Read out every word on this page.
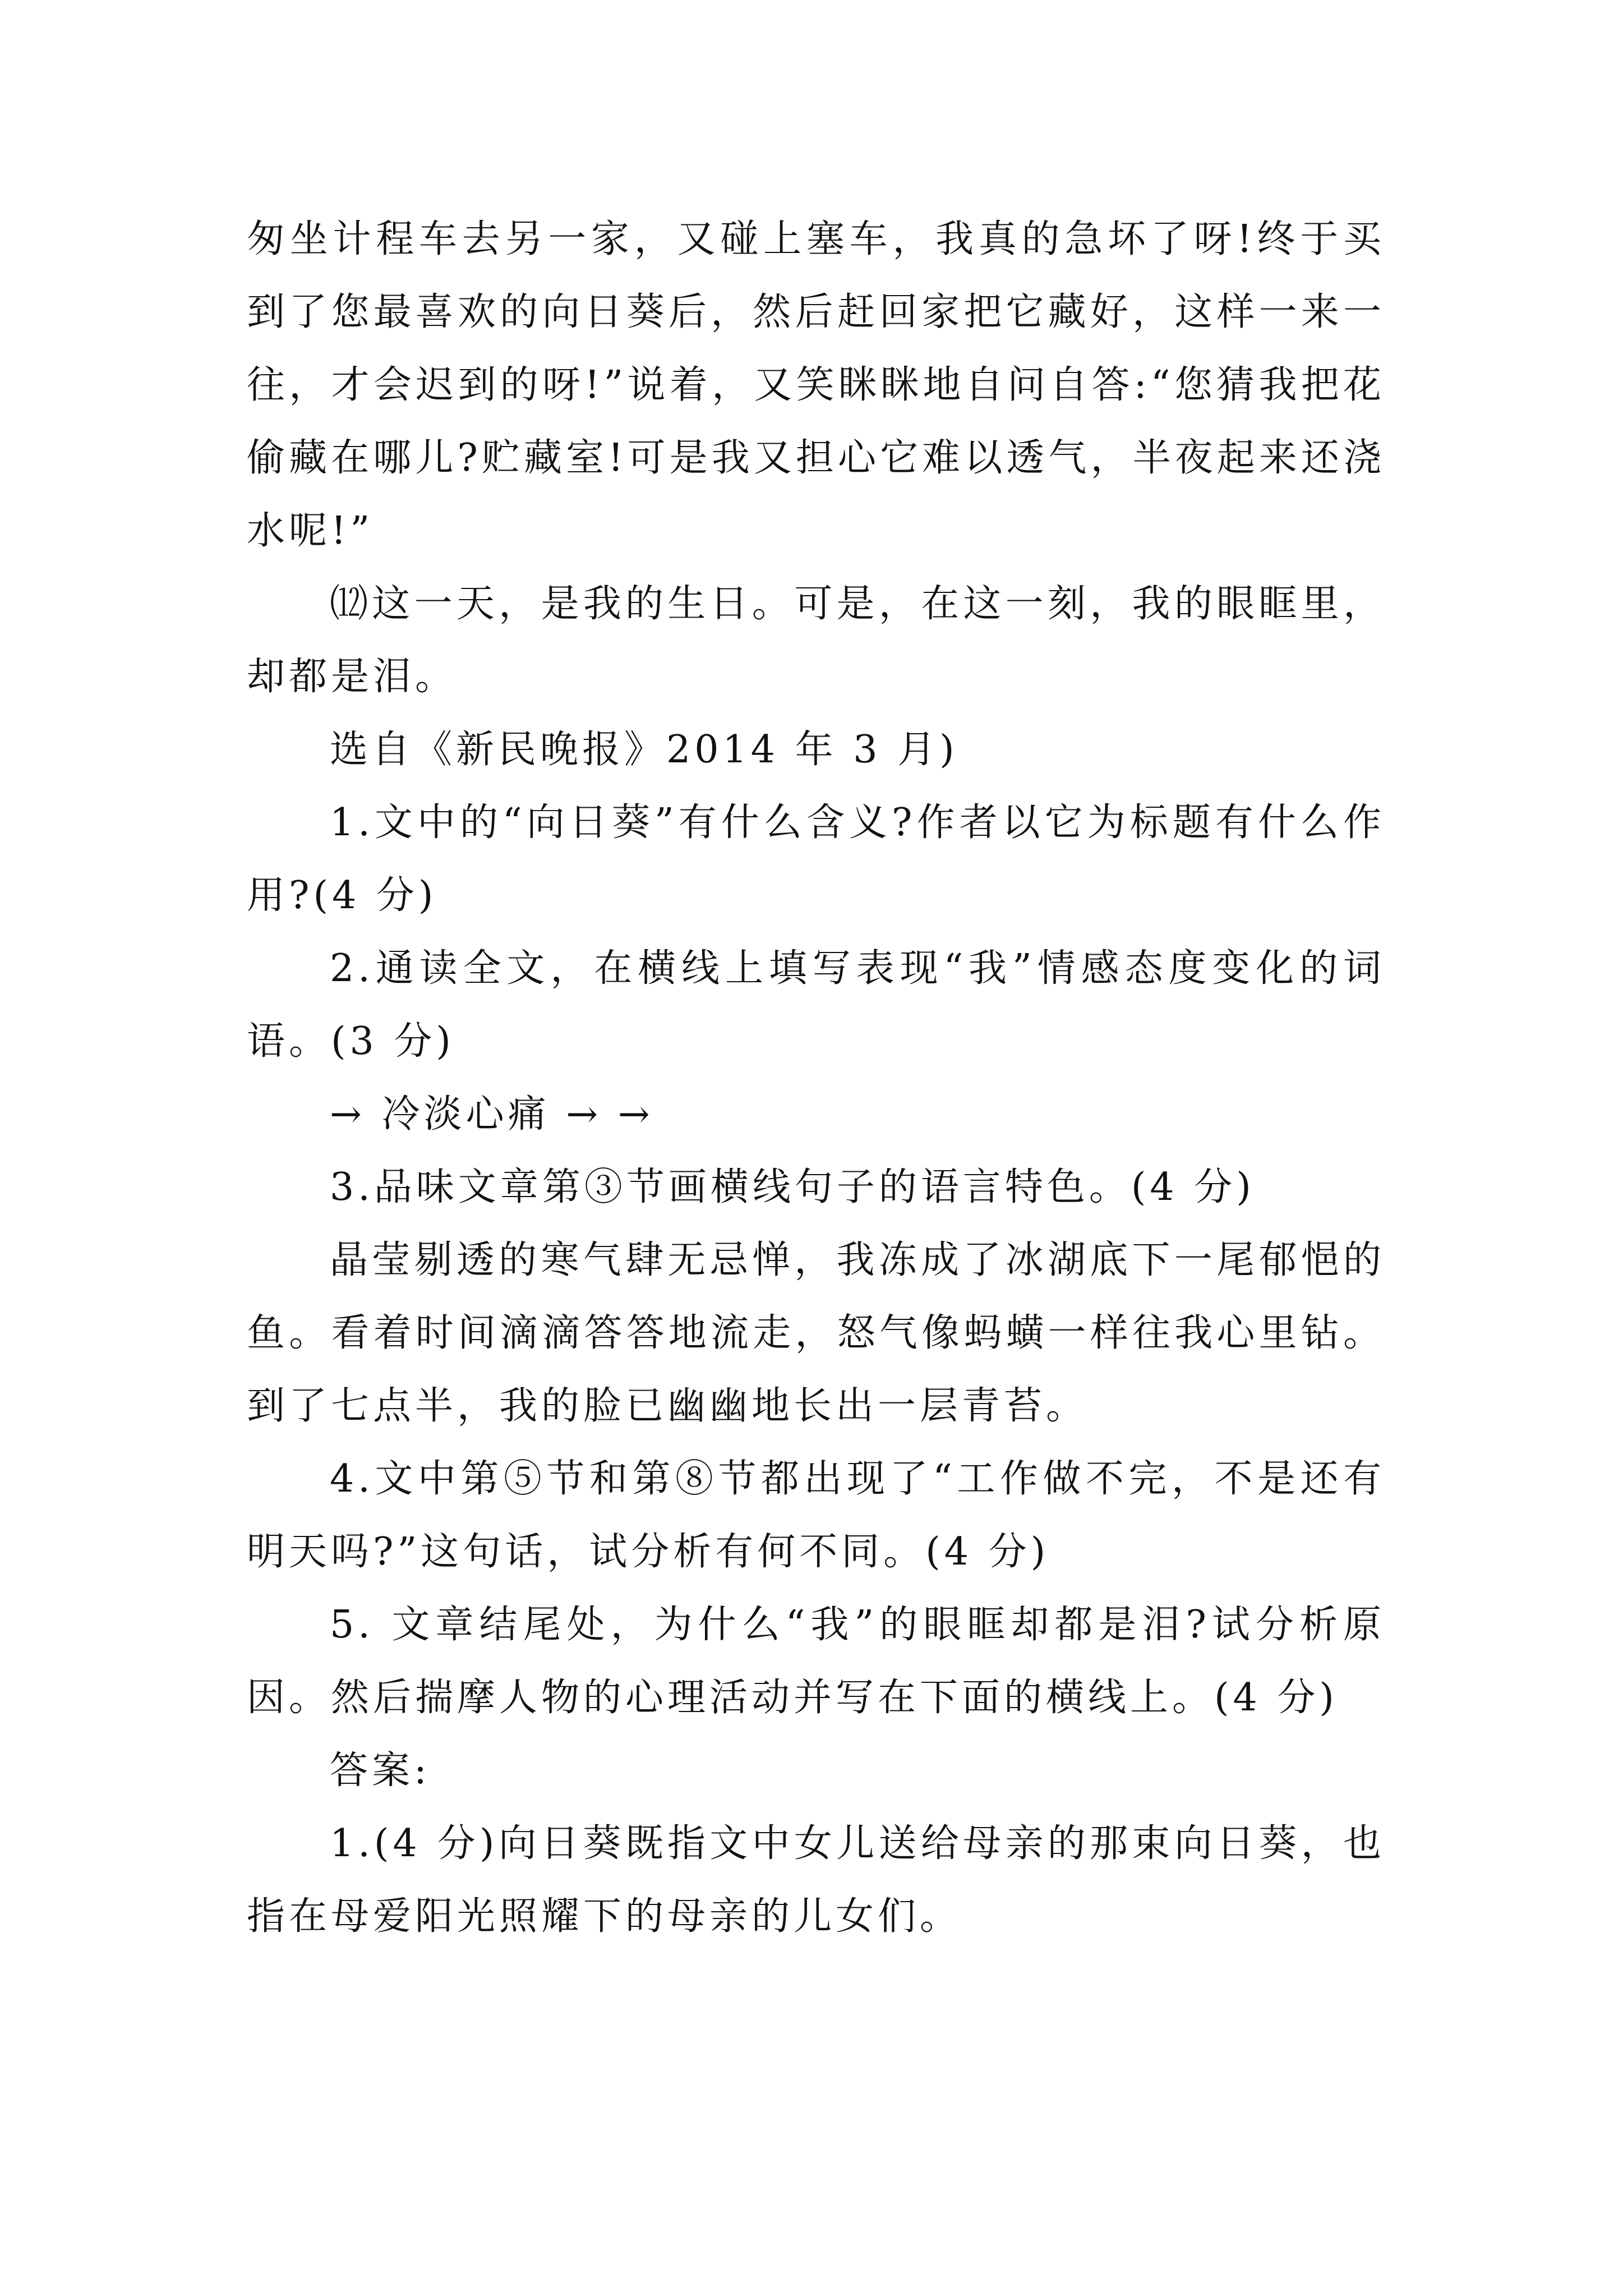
匆坐计程车去另一家，又碰上塞车，我真的急坏了呀!终于买到了您最喜欢的向日葵后，然后赶回家把它藏好，这样一来一往，才会迟到的呀!”说着，又笑眯眯地自问自答:“您猜我把花偷藏在哪儿?贮藏室!可是我又担心它难以透气，半夜起来还浇水呢!”

⑿这一天，是我的生日。可是，在这一刻，我的眼眶里，却都是泪。

选自《新民晚报》2014 年 3 月)

1.文中的“向日葵”有什么含义?作者以它为标题有什么作用?(4 分)

2.通读全文，在横线上填写表现“我”情感态度变化的词语。(3 分)

→ 冷淡心痛 → →

3.品味文章第③节画横线句子的语言特色。(4 分)

晶莹剔透的寒气肆无忌惮，我冻成了冰湖底下一尾郁悒的鱼。看着时间滴滴答答地流走，怒气像蚂蟥一样往我心里钻。到了七点半，我的脸已幽幽地长出一层青苔。

4.文中第⑤节和第⑧节都出现了“工作做不完，不是还有明天吗?”这句话，试分析有何不同。(4 分)

5. 文章结尾处，为什么“我”的眼眶却都是泪?试分析原因。然后揣摩人物的心理活动并写在下面的横线上。(4 分)

答案:

1.(4 分)向日葵既指文中女儿送给母亲的那束向日葵，也指在母爱阳光照耀下的母亲的儿女们。
